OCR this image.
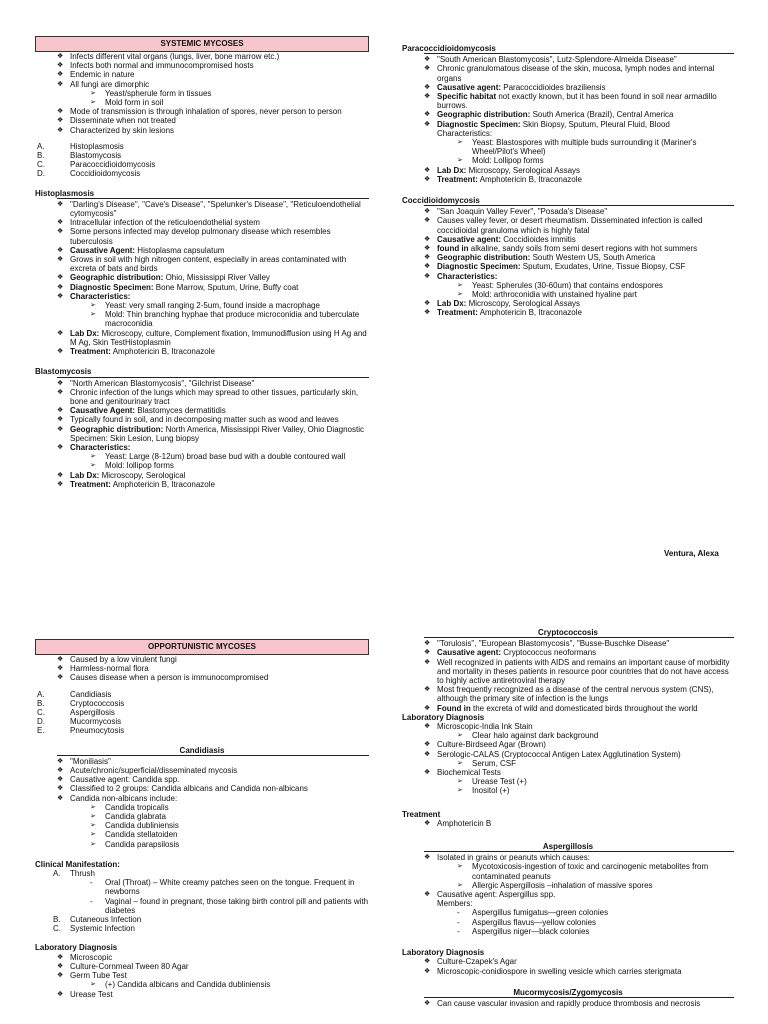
SYSTEMIC MYCOSES
❖ Infects different vital organs (lungs, liver, bone marrow etc.)
❖ Infects both normal and immunocompromised hosts
❖ Endemic in nature
❖ All fungi are dimorphic
➢ Yeast/spherule form in tissues
➢ Mold form in soil
❖ Mode of transmission is through inhalation of spores, never person to person
❖ Disseminate when not treated
❖ Characterized by skin lesions
A.	Histoplasmosis
B.	Blastomycosis
C.	Paracoccidioidomycosis
D.	Coccidioidomycosis
Histoplasmosis
❖ "Darling's Disease", "Cave's Disease", "Spelunker's Disease", "Reticuloendothelial cytomycosis"
❖ Intracellular infection of the reticuloendothelial system
❖ Some persons infected may develop pulmonary disease which resembles tuberculosis
❖ Causative Agent: Histoplasma capsulatum
❖ Grows in soil with high nitrogen content, especially in areas contaminated with excreta of bats and birds
❖ Geographic distribution: Ohio, Mississippi River Valley
❖ Diagnostic Specimen: Bone Marrow, Sputum, Urine, Buffy coat
❖ Characteristics:
➢ Yeast: very small ranging 2-5um, found inside a macrophage
➢ Mold: Thin branching hyphae that produce microconidia and tuberculate macroconidia
❖ Lab Dx: Microscopy, culture, Complement fixation, Immunodiffusion using H Ag and M Ag, Skin TestHistoplasmin
❖ Treatment: Amphotericin B, Itraconazole
Blastomycosis
❖ "North American Blastomycosis", "Gilchrist Disease"
❖ Chronic infection of the lungs which may spread to other tissues, particularly skin, bone and genitourinary tract
❖ Causative Agent: Blastomyces dermatitidis
❖ Typically found in soil, and in decomposing matter such as wood and leaves
❖ Geographic distribution: North America, Mississippi River Valley, Ohio Diagnostic Specimen: Skin Lesion, Lung biopsy
❖ Characteristics:
➢ Yeast: Large (8-12um) broad base bud with a double contoured wall
➢ Mold: lollipop forms
❖ Lab Dx: Microscopy, Serological
❖ Treatment: Amphotericin B, Itraconazole
Paracoccidioidomycosis
❖ "South American Blastomycosis", Lutz-Splendore-Almeida Disease"
❖ Chronic granulomatous disease of the skin, mucosa, lymph nodes and internal organs
❖ Causative agent: Paracoccidioides braziliensis
❖ Specific habitat not exactly known, but it has been found in soil near armadillo burrows.
❖ Geographic distribution: South America (Brazil), Central America
❖ Diagnostic Specimen: Skin Biopsy, Sputum, Pleural Fluid, Blood
Characteristics:
➢ Yeast: Blastospores with multiple buds surrounding it (Mariner's Wheel/Pilot's Wheel)
➢ Mold: Lollipop forms
❖ Lab Dx: Microscopy, Serological Assays
❖ Treatment: Amphotericin B, Itraconazole
Coccidioidomycosis
❖ "San Joaquin Valley Fever", "Posada's Disease"
❖ Causes valley fever, or desert rheumatism. Disseminated infection is called coccidioidal granuloma which is highly fatal
❖ Causative agent: Coccidioides immitis
❖ found in alkaline, sandy soils from semi desert regions with hot summers
❖ Geographic distribution: South Western US, South America
❖ Diagnostic Specimen: Sputum, Exudates, Urine, Tissue Biopsy, CSF
❖ Characteristics:
➢ Yeast: Spherules (30-60um) that contains endospores
➢ Mold: arthroconidia with unstained hyaline part
❖ Lab Dx: Microscopy, Serological Assays
❖ Treatment: Amphotericin B, Itraconazole
Ventura, Alexa
OPPORTUNISTIC MYCOSES
❖ Caused by a low virulent fungi
❖ Harmless-normal flora
❖ Causes disease when a person is immunocompromised
A.	Candidiasis
B.	Cryptococcosis
C.	Aspergillosis
D.	Mucormycosis
E.	Pneumocytosis
Candidiasis
❖ "Moniliasis"
❖ Acute/chronic/superficial/disseminated mycosis
❖ Causative agent: Candida spp.
❖ Classified to 2 groups: Candida albicans and Candida non-albicans
❖ Candida non-albicans include:
➢ Candida tropicalis
➢ Candida glabrata
➢ Candida dubliniensis
➢ Candida stellatoiden
➢ Candida parapsilosis
Clinical Manifestation:
A. Thrush
- Oral (Throat) – White creamy patches seen on the tongue. Frequent in newborns
- Vaginal – found in pregnant, those taking birth control pill and patients with diabetes
B. Cutaneous Infection
C. Systemic Infection
Laboratory Diagnosis
❖ Microscopic
❖ Culture-Cornmeal Tween 80 Agar
❖ Germ Tube Test
➢ (+) Candida albicans and Candida dubliniensis
❖ Urease Test
Cryptococcosis
❖ "Torulosis", "European Blastomycosis", "Busse-Buschke Disease"
❖ Causative agent: Cryptococcus neoformans
❖ Well recognized in patients with AIDS and remains an important cause of morbidity and mortality in theses patients in resource poor countries that do not have access to highly active antiretroviral therapy
❖ Most frequently recognized as a disease of the central nervous system (CNS), although the primary site of infection is the lungs
❖ Found in the excreta of wild and domesticated birds throughout the world
Laboratory Diagnosis
❖ Microscopic-India Ink Stain
➢ Clear halo against dark background
❖ Culture-Birdseed Agar (Brown)
❖ Serologic-CALAS (Cryptococcal Antigen Latex Agglutination System)
➢ Serum, CSF
❖ Biochemical Tests
➢ Urease Test (+)
➢ Inositol (+)
Treatment
❖ Amphotericin B
Aspergillosis
❖ Isolated in grains or peanuts which causes:
➢ Mycotoxicosis-ingestion of toxic and carcinogenic metabolites from contaminated peanuts
➢ Allergic Aspergillosis –inhalation of massive spores
❖ Causative agent: Aspergillus spp.
Members:
- Aspergillus fumigatus—green colonies
- Aspergillus flavus—yellow colonies
- Aspergillus niger—black colonies
Laboratory Diagnosis
❖ Culture-Czapek's Agar
❖ Microscopic-conidiospore in swelling vesicle which carries sterigmata
Mucormycosis/Zygomycosis
❖ Can cause vascular invasion and rapidly produce thrombosis and necrosis
